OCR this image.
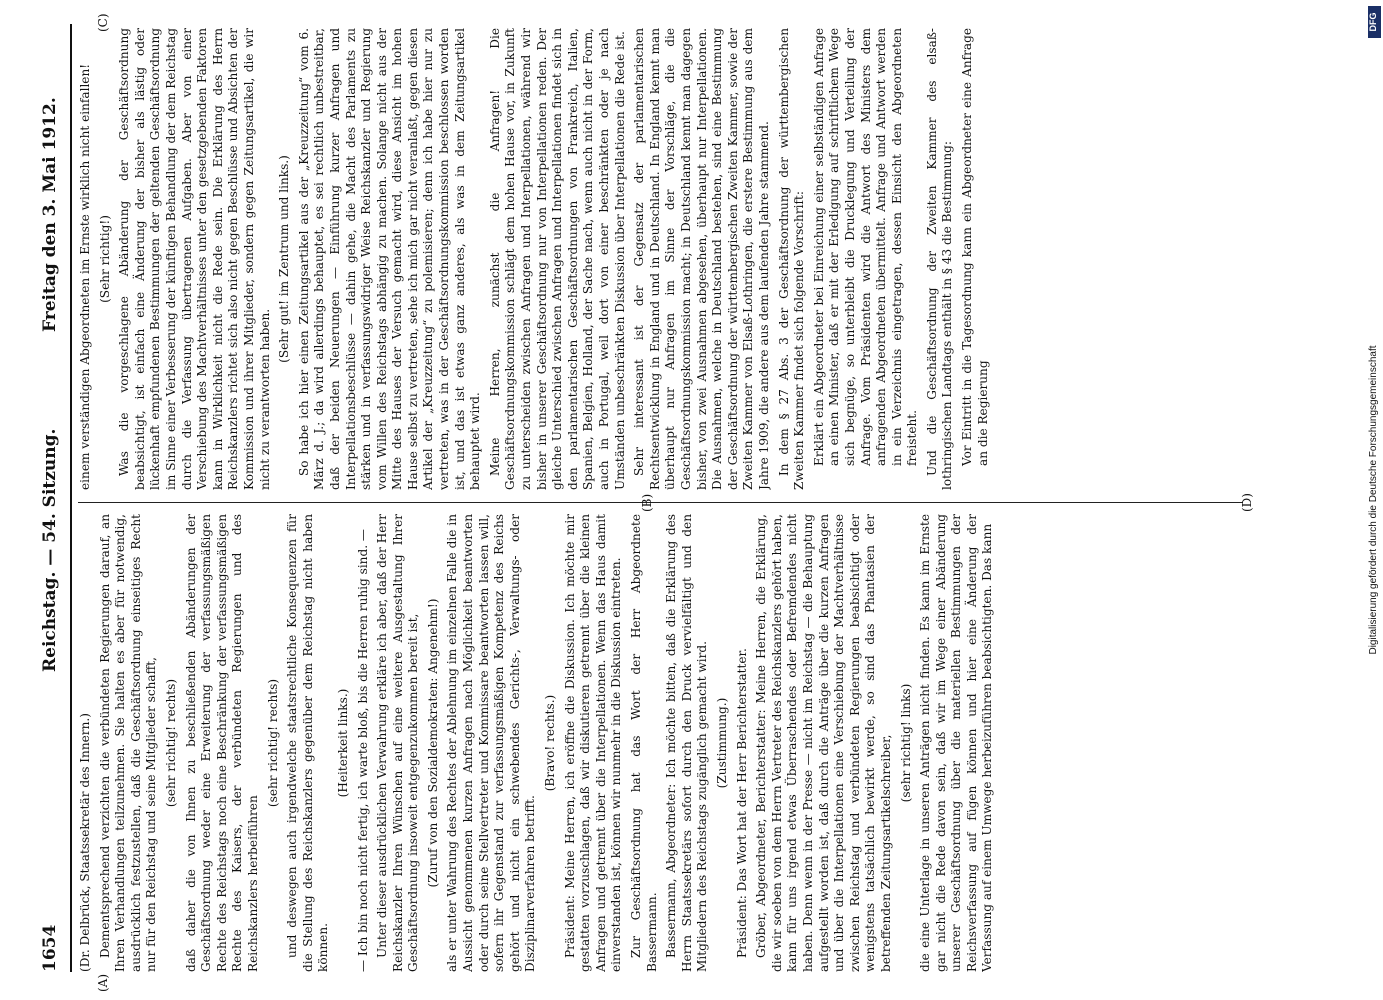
1654
Reichstag. — 54. Sitzung.
Freitag den 3. Mai 1912.

(Dr. Delbrück, Staatssekretär des Innern.) Dementsprechend verzichten die verbündeten Regierungen darauf, an Ihren Verhandlungen teilzunehmen. Sie halten es aber für notwendig, ausdrücklich festzustellen, daß die Geschäftsordnung einseitiges Recht nur für den Reichstag und seine Mitglieder schafft, (sehr richtig! rechts) daß daher die von Ihnen zu beschließenden Abänderungen der Geschäftsordnung weder eine Erweiterung der verfassungsmäßigen Rechte des Reichstags noch eine Beschränkung der verfassungsmäßigen Rechte des Kaisers, der verbündeten Regierungen und des Reichskanzlers herbeiführen

(sehr richtig! rechts) und deswegen auch irgendwelche staatsrechtliche Konsequenzen für die Stellung des Reichskanzlers gegenüber dem Reichstag nicht haben können.

(Heiterkeit links.) — Ich bin noch nicht fertig, ich warte bloß, bis die Herren ruhig sind. — Unter dieser ausdrücklichen Verwahrung erkläre ich aber, daß der Herr Reichskanzler Ihren Wünschen auf eine weitere Ausgestaltung Ihrer Geschäftsordnung insoweit entgegenzukommen bereit ist, (Zuruf von den Sozialdemokraten: Angenehm!) als er unter Wahrung des Rechtes der Ablehnung im einzelnen Falle die in Aussicht genommenen kurzen Anfragen nach Möglichkeit beantworten oder durch seine Stellvertreter und Kommissare beantworten lassen will, sofern ihr Gegenstand zur verfassungsmäßigen Kompetenz des Reichs gehört und nicht ein schwebendes Gerichts-, Verwaltungs- oder Disziplinarverfahren betrifft.

(Bravo! rechts.) Präsident: Meine Herren, ich eröffne die Diskussion. Ich möchte mir gestatten vorzuschlagen, daß wir diskutieren getrennt über die kleinen Anfragen und getrennt über die Interpellationen. Wenn das Haus damit einverstanden ist, können wir nunmehr in die Diskussion eintreten. Zur Geschäftsordnung hat das Wort der Herr Abgeordnete Bassermann. Bassermann, Abgeordneter: Ich möchte bitten, daß die Erklärung des Herrn Staatssekretärs sofort durch den Druck vervielfältigt und den Mitgliedern des Reichstags zugänglich gemacht wird. (Zustimmung.) Präsident: Das Wort hat der Herr Berichterstatter. Gröber, Abgeordneter, Berichterstatter: Meine Herren, die Erklärung, die wir soeben von dem Herrn Vertreter des Reichskanzlers gehört haben, kann für uns irgend etwas Überraschendes oder Befremdendes nicht haben. Denn wenn in der Presse — nicht im Reichstag — die Behauptung aufgestellt worden ist, daß durch die Anträge über die kurzen Anfragen und über die Interpellationen eine Verschiebung der Machtverhältnisse zwischen Reichstag und verbündeten Regierungen beabsichtigt oder wenigstens tatsächlich bewirkt werde, so sind das Phantasien der betreffenden Zeitungsartikelschreiber, (sehr richtig! links) die eine Unterlage in unseren Anträgen nicht finden. Es kann im Ernste gar nicht die Rede davon sein, daß wir im Wege einer Abänderung unserer Geschäftsordnung über die materiellen Bestimmungen der Reichsverfassung auf fügen können und hier eine Änderung der Verfassung auf einem Umwege herbeizuführen beabsichtigten. Das kann

einem verständigen Abgeordneten im Ernste wirklich nicht einfallen! (Sehr richtig!) Was die vorgeschlagene Abänderung der Geschäftsordnung beabsichtigt, ist einfach eine Änderung der bisher als lästig oder lückenhaft empfundenen Bestimmungen der geltenden Geschäftsordnung im Sinne einer Verbesserung der künftigen Behandlung der dem Reichstag durch die Verfassung übertragenen Aufgaben. Aber von einer Verschiebung des Machtverhältnisses unter den gesetzgebenden Faktoren kann in Wirklichkeit nicht die Rede sein. Die Erklärung des Herrn Reichskanzlers richtet sich also nicht gegen Beschlüsse und Absichten der Kommission und ihrer Mitglieder, sondern gegen Zeitungsartikel, die wir nicht zu verantworten haben.

(Sehr gut! im Zentrum und links.) So habe ich hier einen Zeitungsartikel aus der „Kreuzzeitung“ vom 6. März d. J.; da wird allerdings behauptet, es sei rechtlich unbestreitbar, daß der beiden Neuerungen — Einführung kurzer Anfragen und Interpellationsbeschlüsse — dahin gehe, die Macht des Parlaments zu stärken und in verfassungswidriger Weise Reichskanzler und Regierung vom Willen des Reichstags abhängig zu machen. Solange nicht aus der Mitte des Hauses der Versuch gemacht wird, diese Ansicht im hohen Hause selbst zu vertreten, sehe ich mich gar nicht veranlaßt, gegen diesen Artikel der „Kreuzzeitung“ zu polemisieren; denn ich habe hier nur zu vertreten, was in der Geschäftsordnungskommission beschlossen worden ist, und das ist etwas ganz anderes, als was in dem Zeitungsartikel behauptet wird. Meine Herren, zunächst die Anfragen! Die Geschäftsordnungskommission schlägt dem hohen Hause vor, in Zukunft zu unterscheiden zwischen Anfragen und Interpellationen, während wir bisher in unserer Geschäftsordnung nur von Interpellationen reden. Der gleiche Unterschied zwischen Anfragen und Interpellationen findet sich in den parlamentarischen Geschäftsordnungen von Frankreich, Italien, Spanien, Belgien, Holland, der Sache nach, wenn auch nicht in der Form, auch in Portugal, weil dort von einer beschränkten oder je nach Umständen unbeschränkten Diskussion über Interpellationen die Rede ist. Sehr interessant ist der Gegensatz der parlamentarischen Rechtsentwicklung in England und in Deutschland. In England kennt man überhaupt nur Anfragen im Sinne der Vorschläge, die die Geschäftsordnungskommission macht; in Deutschland kennt man dagegen bisher, von zwei Ausnahmen abgesehen, überhaupt nur Interpellationen. Die Ausnahmen, welche in Deutschland bestehen, sind eine Bestimmung der Geschäftsordnung der württembergischen Zweiten Kammer, sowie der Zweiten Kammer von Elsaß-Lothringen, die erstere Bestimmung aus dem Jahre 1909, die andere aus dem laufenden Jahre stammend. In dem § 27 Abs. 3 der Geschäftsordnung der württembergischen Zweiten Kammer findet sich folgende Vorschrift: Erklärt ein Abgeordneter bei Einreichung einer selbständigen Anfrage an einen Minister, daß er mit der Erledigung auf schriftlichem Wege sich begnüge, so unterbleibt die Drucklegung und Verteilung der Anfrage. Vom Präsidenten wird die Antwort des Ministers dem anfragenden Abgeordneten übermittelt. Anfrage und Antwort werden in ein Verzeichnis eingetragen, dessen Einsicht den Abgeordneten freisteht. Und die Geschäftsordnung der Zweiten Kammer des elsaß-lothringischen Landtags enthält in § 43 die Bestimmung: Vor Eintritt in die Tagesordnung kann ein Abgeordneter eine Anfrage an die Regierung

(A)
(B)
(C)
(D)
DFG
Digitalisierung gefördert durch die Deutsche Forschungsgemeinschaft
